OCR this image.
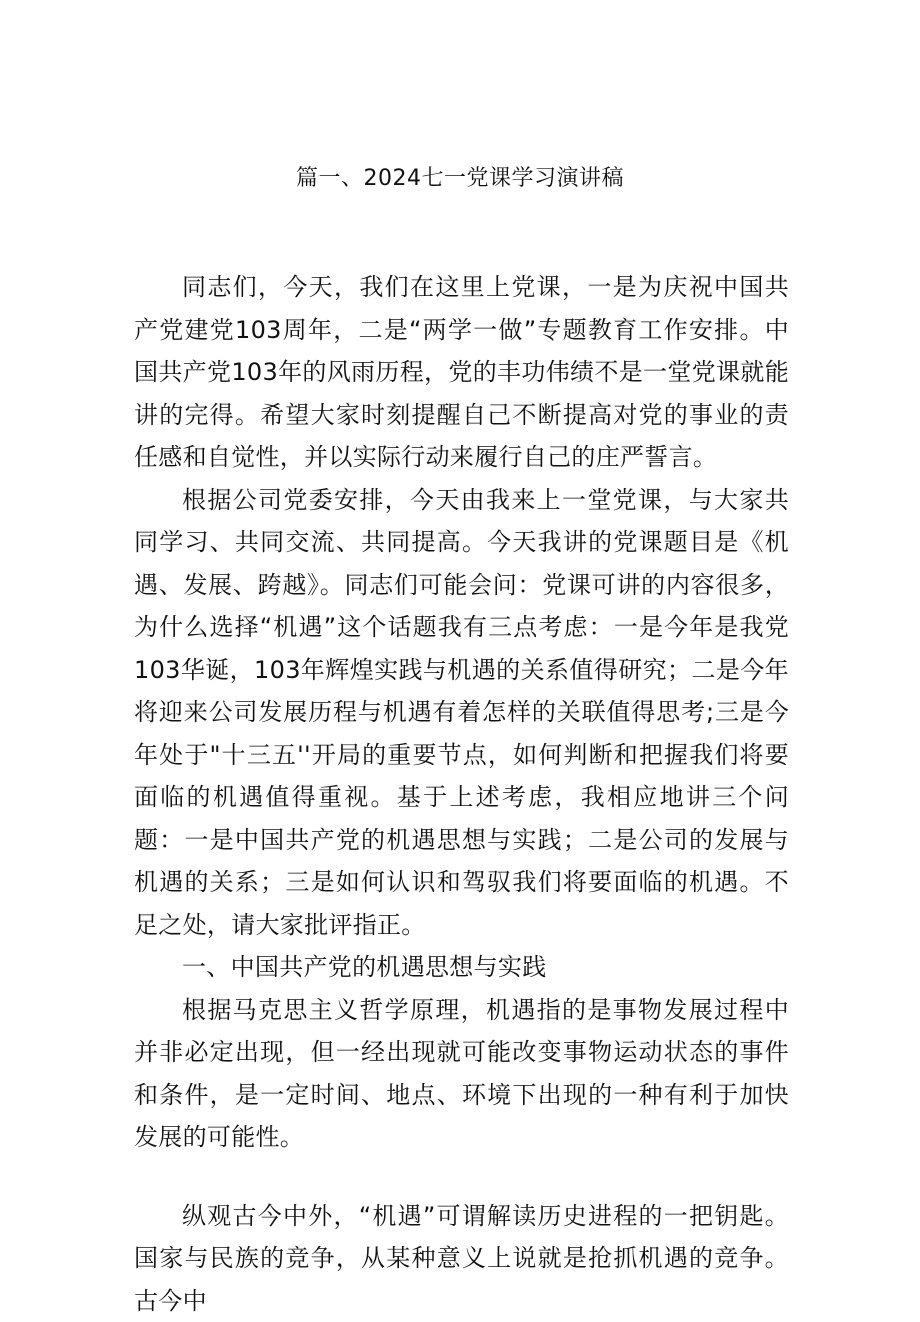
篇一、2024七一党课学习演讲稿

同志们，今天，我们在这里上党课，一是为庆祝中国共产党建党103周年，二是“两学一做”专题教育工作安排。中国共产党103年的风雨历程，党的丰功伟绩不是一堂党课就能讲的完得。希望大家时刻提醒自己不断提高对党的事业的责任感和自觉性，并以实际行动来履行自己的庄严誓言。

根据公司党委安排，今天由我来上一堂党课，与大家共同学习、共同交流、共同提高。今天我讲的党课题目是《机遇、发展、跨越》。同志们可能会问：党课可讲的内容很多，为什么选择“机遇”这个话题我有三点考虑：一是今年是我党103华诞，103年辉煌实践与机遇的关系值得研究；二是今年将迎来公司发展历程与机遇有着怎样的关联值得思考;三是今年处于"十三五''开局的重要节点，如何判断和把握我们将要面临的机遇值得重视。基于上述考虑，我相应地讲三个问题：一是中国共产党的机遇思想与实践；二是公司的发展与机遇的关系；三是如何认识和驾驭我们将要面临的机遇。不足之处，请大家批评指正。

一、中国共产党的机遇思想与实践

根据马克思主义哲学原理，机遇指的是事物发展过程中并非必定出现，但一经出现就可能改变事物运动状态的事件和条件，是一定时间、地点、环境下出现的一种有利于加快发展的可能性。

纵观古今中外，“机遇”可谓解读历史进程的一把钥匙。国家与民族的竞争，从某种意义上说就是抢抓机遇的竞争。古今中
